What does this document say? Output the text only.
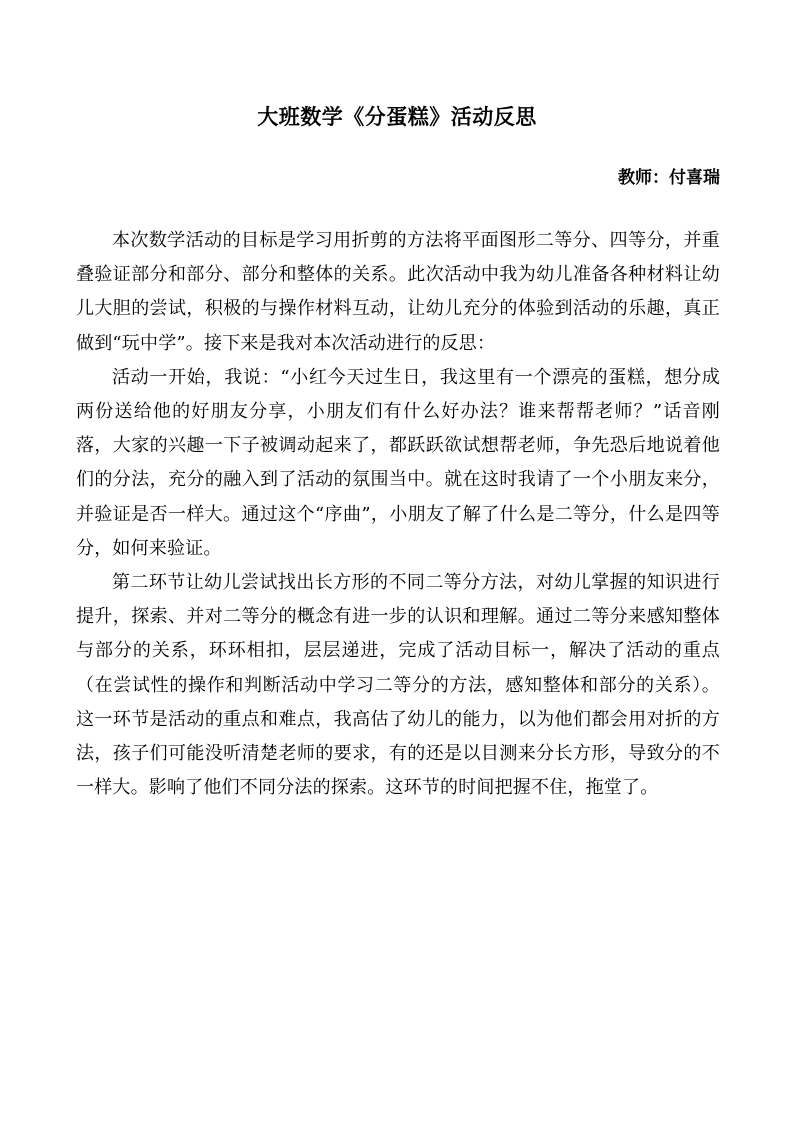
大班数学《分蛋糕》活动反思
教师：付喜瑞

本次数学活动的目标是学习用折剪的方法将平面图形二等分、四等分，并重叠验证部分和部分、部分和整体的关系。此次活动中我为幼儿准备各种材料让幼儿大胆的尝试，积极的与操作材料互动，让幼儿充分的体验到活动的乐趣，真正做到“玩中学”。接下来是我对本次活动进行的反思：

活动一开始，我说：“小红今天过生日，我这里有一个漂亮的蛋糕，想分成两份送给他的好朋友分享，小朋友们有什么好办法？谁来帮帮老师？”话音刚落，大家的兴趣一下子被调动起来了，都跃跃欲试想帮老师，争先恐后地说着他们的分法，充分的融入到了活动的氛围当中。就在这时我请了一个小朋友来分，并验证是否一样大。通过这个“序曲”，小朋友了解了什么是二等分，什么是四等分，如何来验证。

第二环节让幼儿尝试找出长方形的不同二等分方法，对幼儿掌握的知识进行提升，探索、并对二等分的概念有进一步的认识和理解。通过二等分来感知整体与部分的关系，环环相扣，层层递进，完成了活动目标一，解决了活动的重点（在尝试性的操作和判断活动中学习二等分的方法，感知整体和部分的关系）。这一环节是活动的重点和难点，我高估了幼儿的能力，以为他们都会用对折的方法，孩子们可能没听清楚老师的要求，有的还是以目测来分长方形，导致分的不一样大。影响了他们不同分法的探索。这环节的时间把握不住，拖堂了。
